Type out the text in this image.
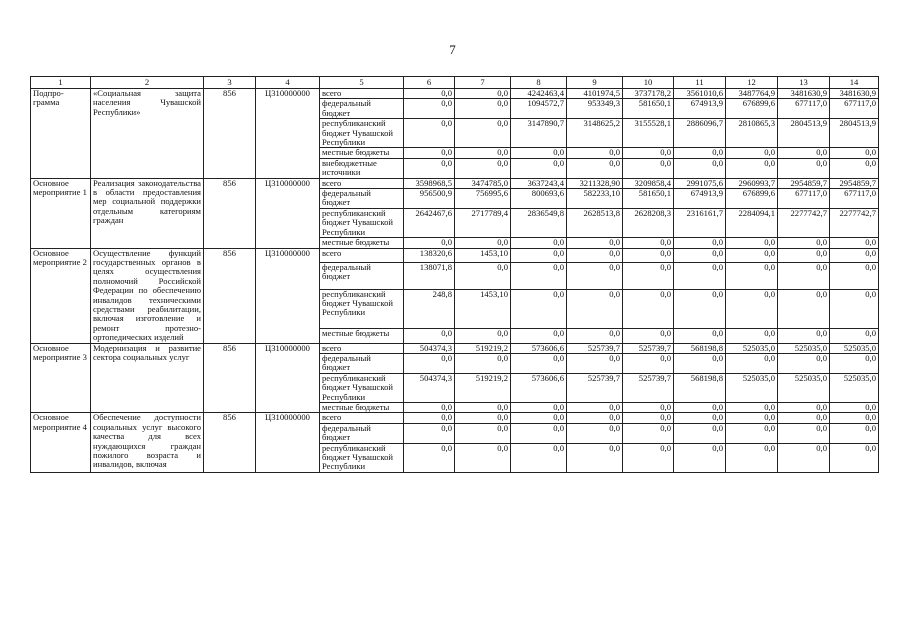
7
1	2	3	4	5	6	7	8	9	10	11	12	13	14
Подпро-грамма	«Социальная защита населения Чувашской Республики»	856	Ц310000000	всего	0,0	0,0	4242463,4	4101974,5	3737178,2	3561010,6	3487764,9	3481630,9	3481630,9
				федеральный бюджет	0,0	0,0	1094572,7	953349,3	581650,1	674913,9	676899,6	677117,0	677117,0
				республиканский бюджет Чувашской Республики	0,0	0,0	3147890,7	3148625,2	3155528,1	2886096,7	2810865,3	2804513,9	2804513,9
				местные бюджеты	0,0	0,0	0,0	0,0	0,0	0,0	0,0	0,0	0,0
				внебюджетные источники	0,0	0,0	0,0	0,0	0,0	0,0	0,0	0,0	0,0
Основное мероприятие 1	Реализация законодательства в области предоставления мер социальной поддержки отдельным категориям граждан	856	Ц310000000	всего	3598968,5	3474785,0	3637243,4	3211328,90	3209858,4	2991075,6	2960993,7	2954859,7	2954859,7
				федеральный бюджет	956500,9	756995,6	800693,6	582233,10	581650,1	674913,9	676899,6	677117,0	677117,0
				республиканский бюджет Чувашской Республики	2642467,6	2717789,4	2836549,8	2628513,8	2628208,3	2316161,7	2284094,1	2277742,7	2277742,7
				местные бюджеты	0,0	0,0	0,0	0,0	0,0	0,0	0,0	0,0	0,0
Основное мероприятие 2	Осуществление функций государственных органов в целях осуществления полномочий Российской Федерации по обеспечению инвалидов техническими средствами реабилитации, включая изготовление и ремонт протезно-ортопедических изделий	856	Ц310000000	всего	138320,6	1453,10	0,0	0,0	0,0	0,0	0,0	0,0	0,0
				федеральный бюджет	138071,8	0,0	0,0	0,0	0,0	0,0	0,0	0,0	0,0
				республиканский бюджет Чувашской Республики	248,8	1453,10	0,0	0,0	0,0	0,0	0,0	0,0	0,0
				местные бюджеты	0,0	0,0	0,0	0,0	0,0	0,0	0,0	0,0	0,0
Основное мероприятие 3	Модернизация и развитие сектора социальных услуг	856	Ц310000000	всего	504374,3	519219,2	573606,6	525739,7	525739,7	568198,8	525035,0	525035,0	525035,0
				федеральный бюджет	0,0	0,0	0,0	0,0	0,0	0,0	0,0	0,0	0,0
				республиканский бюджет Чувашской Республики	504374,3	519219,2	573606,6	525739,7	525739,7	568198,8	525035,0	525035,0	525035,0
				местные бюджеты	0,0	0,0	0,0	0,0	0,0	0,0	0,0	0,0	0,0
Основное мероприятие 4	Обеспечение доступности социальных услуг высокого качества для всех нуждающихся граждан пожилого возраста и инвалидов, включая	856	Ц310000000	всего	0,0	0,0	0,0	0,0	0,0	0,0	0,0	0,0	0,0
				федеральный бюджет	0,0	0,0	0,0	0,0	0,0	0,0	0,0	0,0	0,0
				республиканский бюджет Чувашской Республики	0,0	0,0	0,0	0,0	0,0	0,0	0,0	0,0	0,0
